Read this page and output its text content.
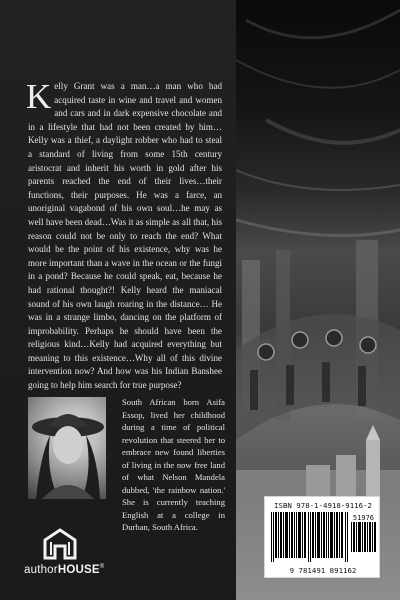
Kelly Grant was a man…a man who had acquired taste in wine and travel and women and cars and in dark expensive chocolate and in a lifestyle that had not been created by him… Kelly was a thief, a daylight robber who had to steal a standard of living from some 15th century aristocrat and inherit his worth in gold after his parents reached the end of their lives…their functions, their purposes. He was a farce, an unoriginal vagabond of his own soul…he may as well have been dead…Was it as simple as all that, his reason could not be only to reach the end? What would be the point of his existence, why was he more important than a wave in the ocean or the fungi in a pond? Because he could speak, eat, because he had rational thought?! Kelly heard the maniacal sound of his own laugh roaring in the distance… He was in a strange limbo, dancing on the platform of improbability. Perhaps he should have been the religious kind…Kelly had acquired everything but meaning to this existence…Why all of this divine intervention now? And how was his Indian Banshee going to help him search for true purpose?

South African born Asifa Essop, lived her childhood during a time of political revolution that steered her to embrace new found liberties of living in the now free land of what Nelson Mandela dubbed, 'the rainbow nation.' She is currently teaching English at a college in Durban, South Africa.

authorHOUSE®
ISBN 978-1-4918-9116-2
51976
9 781491 891162
